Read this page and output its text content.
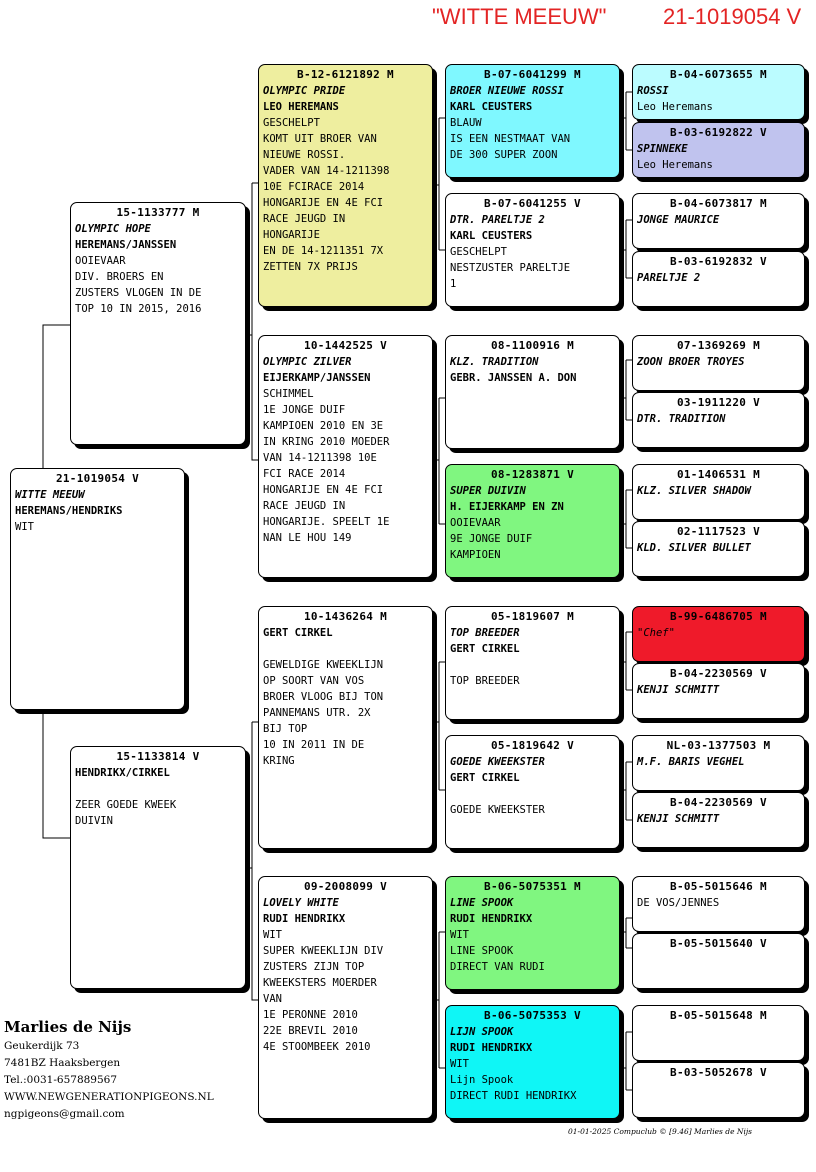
"WITTE MEEUW"	21-1019054 V
21-1019054 V
WITTE MEEUW
HEREMANS/HENDRIKS
WIT
15-1133777 M
OLYMPIC HOPE
HEREMANS/JANSSEN
OOIEVAAR
DIV. BROERS EN
ZUSTERS VLOGEN IN DE
TOP 10 IN 2015, 2016
15-1133814 V
HENDRIKX/CIRKEL

ZEER GOEDE KWEEK
DUIVIN
B-12-6121892 M
OLYMPIC PRIDE
LEO HEREMANS
GESCHELPT
KOMT UIT BROER VAN
NIEUWE ROSSI.
VADER VAN 14-1211398
10E FCIRACE 2014
HONGARIJE EN 4E FCI
RACE JEUGD IN
HONGARIJE
EN DE 14-1211351 7X
ZETTEN 7X PRIJS
10-1442525 V
OLYMPIC ZILVER
EIJERKAMP/JANSSEN
SCHIMMEL
1E JONGE DUIF
KAMPIOEN 2010 EN 3E
IN KRING 2010 MOEDER
VAN 14-1211398 10E
FCI RACE 2014
HONGARIJE EN 4E FCI
RACE JEUGD IN
HONGARIJE. SPEELT 1E
NAN LE HOU 149
10-1436264 M
GERT CIRKEL

GEWELDIGE KWEEKLIJN
OP SOORT VAN VOS
BROER VLOOG BIJ TON
PANNEMANS UTR. 2X
BIJ TOP
10 IN 2011 IN DE
KRING
09-2008099 V
LOVELY WHITE
RUDI HENDRIKX
WIT
SUPER KWEEKLIJN DIV
ZUSTERS ZIJN TOP
KWEEKSTERS MOERDER
VAN
1E PERONNE 2010
22E BREVIL 2010
4E STOOMBEEK 2010
B-07-6041299 M
BROER NIEUWE ROSSI
KARL CEUSTERS
BLAUW
IS EEN NESTMAAT VAN
DE 300 SUPER ZOON
B-07-6041255 V
DTR. PARELTJE 2
KARL CEUSTERS
GESCHELPT
NESTZUSTER PARELTJE
1
08-1100916 M
KLZ. TRADITION
GEBR. JANSSEN A. DON
08-1283871 V
SUPER DUIVIN
H. EIJERKAMP EN ZN
OOIEVAAR
9E JONGE DUIF
KAMPIOEN
05-1819607 M
TOP BREEDER
GERT CIRKEL

TOP BREEDER
05-1819642 V
GOEDE KWEEKSTER
GERT CIRKEL

GOEDE KWEEKSTER
B-06-5075351 M
LINE SPOOK
RUDI HENDRIKX
WIT
LINE SPOOK
DIRECT VAN RUDI
B-06-5075353 V
LIJN SPOOK
RUDI HENDRIKX
WIT
Lijn Spook
DIRECT RUDI HENDRIKX
B-04-6073655 M
ROSSI
Leo Heremans
B-03-6192822 V
SPINNEKE
Leo Heremans
B-04-6073817 M
JONGE MAURICE
B-03-6192832 V
PARELTJE 2
07-1369269 M
ZOON BROER TROYES
03-1911220 V
DTR. TRADITION
01-1406531 M
KLZ. SILVER SHADOW
02-1117523 V
KLD. SILVER BULLET
B-99-6486705 M
"Chef"
B-04-2230569 V
KENJI SCHMITT
NL-03-1377503 M
M.F. BARIS VEGHEL
B-04-2230569 V
KENJI SCHMITT
B-05-5015646 M
DE VOS/JENNES
B-05-5015640 V
B-05-5015648 M
B-03-5052678 V
Marlies de Nijs
Geukerdijk 73
7481BZ Haaksbergen
Tel.:0031-657889567
WWW.NEWGENERATIONPIGEONS.NL
ngpigeons@gmail.com
01-01-2025 Compuclub © [9.46] Marlies de Nijs
